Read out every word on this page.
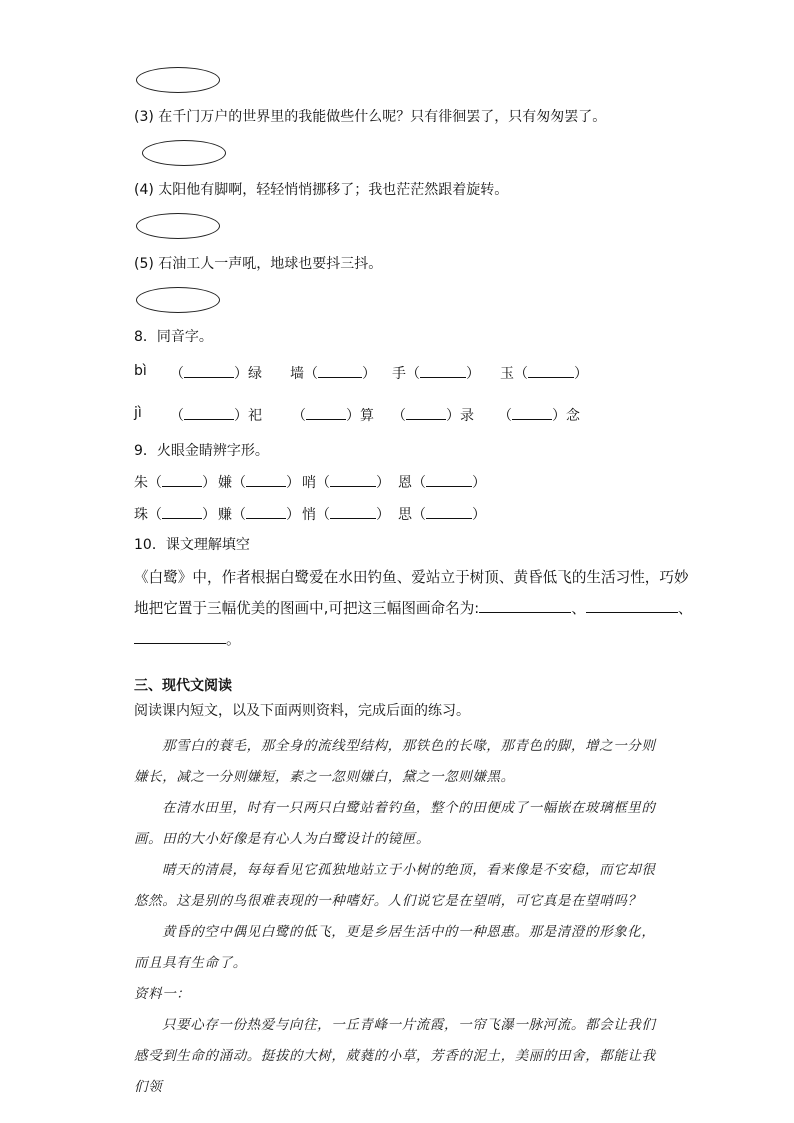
(3) 在千门万户的世界里的我能做些什么呢？只有徘徊罢了，只有匆匆罢了。
(4) 太阳他有脚啊，轻轻悄悄挪移了；我也茫茫然跟着旋转。
(5) 石油工人一声吼，地球也要抖三抖。
8．同音字。
bì （	）绿 墙（	） 手（	） 玉（	）
jì （	）祀 （	）算 （	）录 （	）念
9．火眼金睛辨字形。
朱（	） 嫌（	） 哨（	） 恩（	）
珠（	） 赚（	） 悄（	） 思（	）
10．课文理解填空
《白鹭》中，作者根据白鹭爱在水田钓鱼、爱站立于树顶、黄昏低飞的生活习性，巧妙
地把它置于三幅优美的图画中,可把这三幅图画命名为:	、	、
。
三、现代文阅读
阅读课内短文，以及下面两则资料，完成后面的练习。
那雪白的蓑毛，那全身的流线型结构，那铁色的长喙，那青色的脚，增之一分则嫌长，减之一分则嫌短，素之一忽则嫌白，黛之一忽则嫌黑。
在清水田里，时有一只两只白鹭站着钓鱼，整个的田便成了一幅嵌在玻璃框里的画。田的大小好像是有心人为白鹭设计的镜匣。
晴天的清晨，每每看见它孤独地站立于小树的绝顶，看来像是不安稳，而它却很悠然。这是别的鸟很难表现的一种嗜好。人们说它是在望哨，可它真是在望哨吗？
黄昏的空中偶见白鹭的低飞，更是乡居生活中的一种恩惠。那是清澄的形象化，而且具有生命了。
资料一：
只要心存一份热爱与向往，一丘青峰一片流霞，一帘飞瀑一脉河流。都会让我们感受到生命的涌动。挺拔的大树，葳蕤的小草，芳香的泥土，美丽的田舍，都能让我们领
